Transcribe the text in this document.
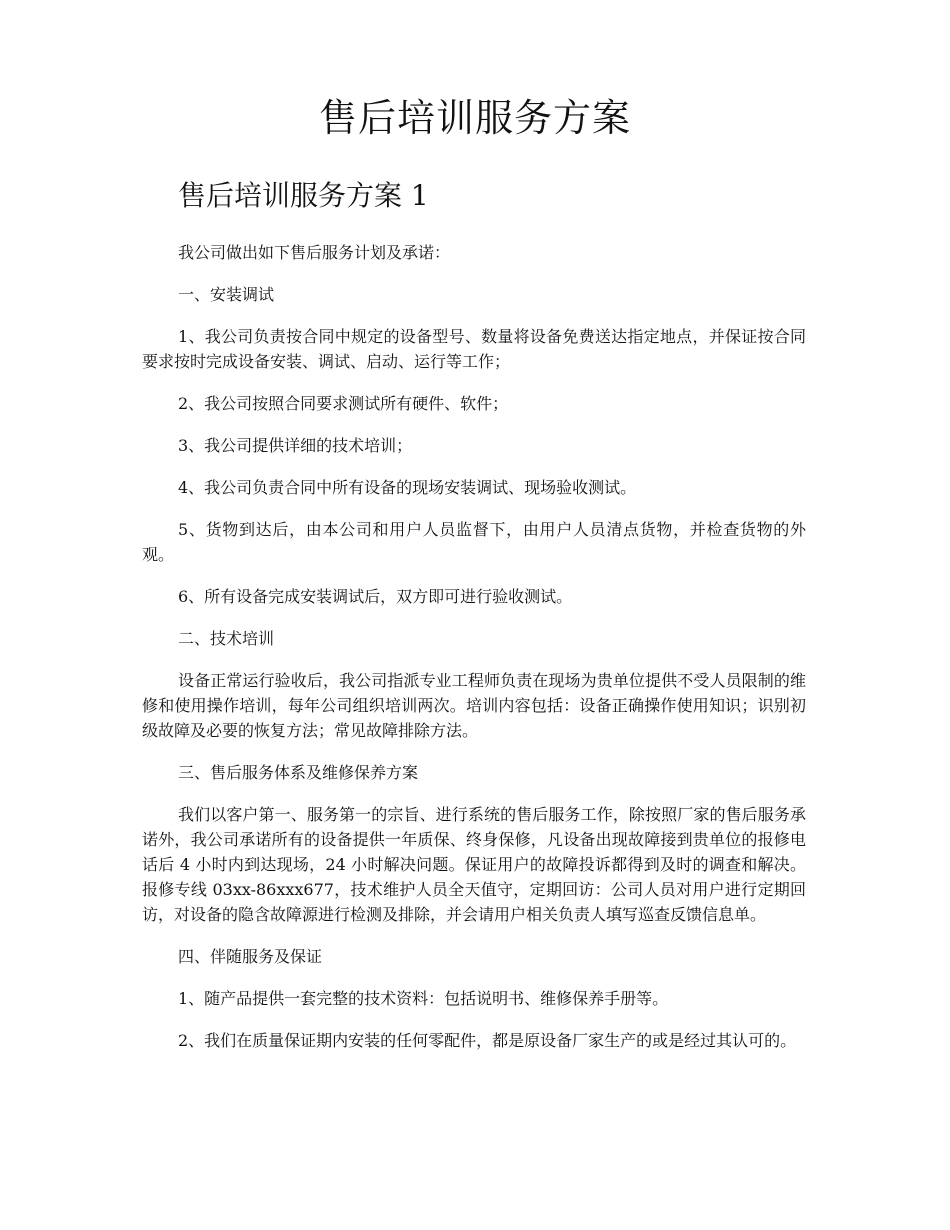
售后培训服务方案
售后培训服务方案 1

我公司做出如下售后服务计划及承诺：

一、安装调试

1、我公司负责按合同中规定的设备型号、数量将设备免费送达指定地点，并保证按合同要求按时完成设备安装、调试、启动、运行等工作；

2、我公司按照合同要求测试所有硬件、软件；

3、我公司提供详细的技术培训；

4、我公司负责合同中所有设备的现场安装调试、现场验收测试。

5、货物到达后，由本公司和用户人员监督下，由用户人员清点货物，并检查货物的外观。

6、所有设备完成安装调试后，双方即可进行验收测试。

二、技术培训

设备正常运行验收后，我公司指派专业工程师负责在现场为贵单位提供不受人员限制的维修和使用操作培训，每年公司组织培训两次。培训内容包括：设备正确操作使用知识；识别初级故障及必要的恢复方法；常见故障排除方法。

三、售后服务体系及维修保养方案

我们以客户第一、服务第一的宗旨、进行系统的售后服务工作，除按照厂家的售后服务承诺外，我公司承诺所有的设备提供一年质保、终身保修，凡设备出现故障接到贵单位的报修电话后 4 小时内到达现场，24 小时解决问题。保证用户的故障投诉都得到及时的调查和解决。报修专线 03xx-86xxx677，技术维护人员全天值守，定期回访：公司人员对用户进行定期回访，对设备的隐含故障源进行检测及排除，并会请用户相关负责人填写巡查反馈信息单。

四、伴随服务及保证

1、随产品提供一套完整的技术资料：包括说明书、维修保养手册等。

2、我们在质量保证期内安装的任何零配件，都是原设备厂家生产的或是经过其认可的。
